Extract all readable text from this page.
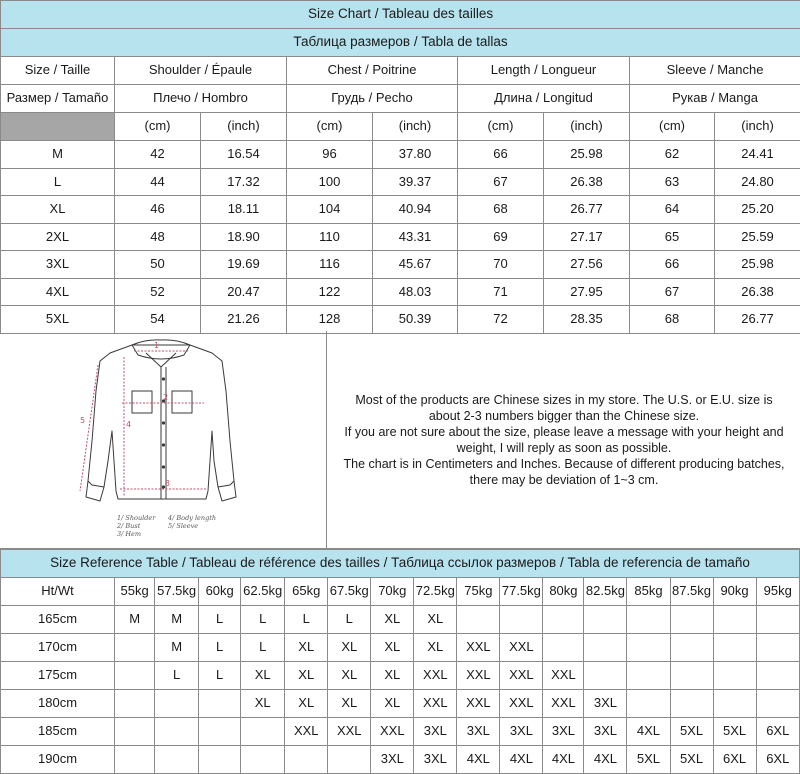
Size Chart / Tableau des tailles								
Таблица размеров / Tabla de tallas								
Size / Taille	Shoulder / Épaule		Chest / Poitrine		Length / Longueur		Sleeve / Manche	
Размер / Tamaño	Плечо / Hombro		Грудь / Pecho		Длина / Longitud		Рукав / Manga	
	(cm)	(inch)	(cm)	(inch)	(cm)	(inch)	(cm)	(inch)
M	42	16.54	96	37.80	66	25.98	62	24.41
L	44	17.32	100	39.37	67	26.38	63	24.80
XL	46	18.11	104	40.94	68	26.77	64	25.20
2XL	48	18.90	110	43.31	69	27.17	65	25.59
3XL	50	19.69	116	45.67	70	27.56	66	25.98
4XL	52	20.47	122	48.03	71	27.95	67	26.38
5XL	54	21.26	128	50.39	72	28.35	68	26.77
1
2
3
4
5
1/ Shoulder
2/ Bust
3/ Hem
4/ Body length
5/ Sleeve
Most of the products are Chinese sizes in my store. The U.S. or E.U. size is
about 2-3 numbers bigger than the Chinese size.
If you are not sure about the size, please leave a message with your height and
weight, I will reply as soon as possible.
The chart is in Centimeters and Inches. Because of different producing batches,
there may be deviation of 1~3 cm.
Size Reference Table / Tableau de référence des tailles / Таблица ссылок размеров / Tabla de referencia de tamaño																
Ht/Wt	55kg	57.5kg	60kg	62.5kg	65kg	67.5kg	70kg	72.5kg	75kg	77.5kg	80kg	82.5kg	85kg	87.5kg	90kg	95kg
165cm	M	M	L	L	L	L	XL	XL								
170cm		M	L	L	XL	XL	XL	XL	XXL	XXL						
175cm		L	L	XL	XL	XL	XL	XXL	XXL	XXL	XXL					
180cm				XL	XL	XL	XL	XXL	XXL	XXL	XXL	3XL				
185cm					XXL	XXL	XXL	3XL	3XL	3XL	3XL	3XL	4XL	5XL	5XL	6XL
190cm							3XL	3XL	4XL	4XL	4XL	4XL	5XL	5XL	6XL	6XL
